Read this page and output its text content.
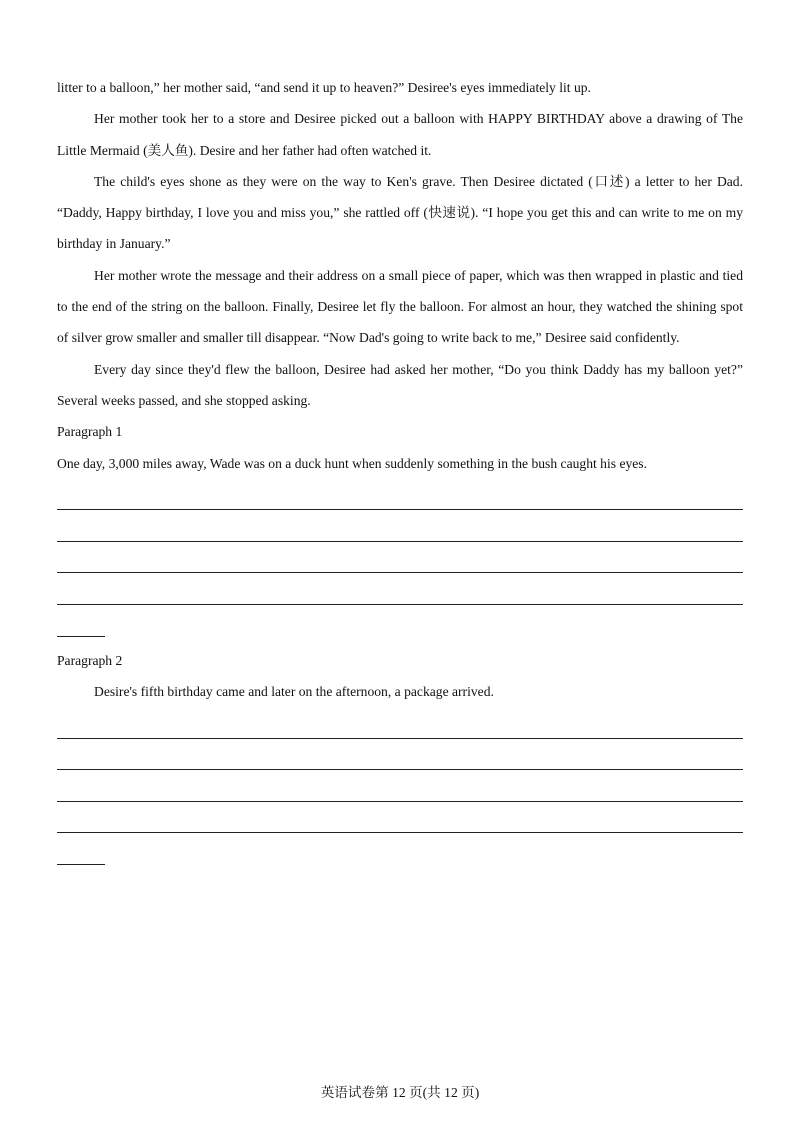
litter to a balloon,” her mother said, “and send it up to heaven?” Desiree's eyes immediately lit up.

Her mother took her to a store and Desiree picked out a balloon with HAPPY BIRTHDAY above a drawing of The Little Mermaid (美人鱼). Desire and her father had often watched it.

The child's eyes shone as they were on the way to Ken's grave. Then Desiree dictated (口述) a letter to her Dad. “Daddy, Happy birthday, I love you and miss you,” she rattled off (快速说). “I hope you get this and can write to me on my birthday in January.”

Her mother wrote the message and their address on a small piece of paper, which was then wrapped in plastic and tied to the end of the string on the balloon. Finally, Desiree let fly the balloon. For almost an hour, they watched the shining spot of silver grow smaller and smaller till disappear. “Now Dad's going to write back to me,” Desiree said confidently.

Every day since they'd flew the balloon, Desiree had asked her mother, “Do you think Daddy has my balloon yet?” Several weeks passed, and she stopped asking.

Paragraph 1

One day, 3,000 miles away, Wade was on a duck hunt when suddenly something in the bush caught his eyes.

Paragraph 2

Desire's fifth birthday came and later on the afternoon, a package arrived.

英语试卷第 12 页(共 12 页)
